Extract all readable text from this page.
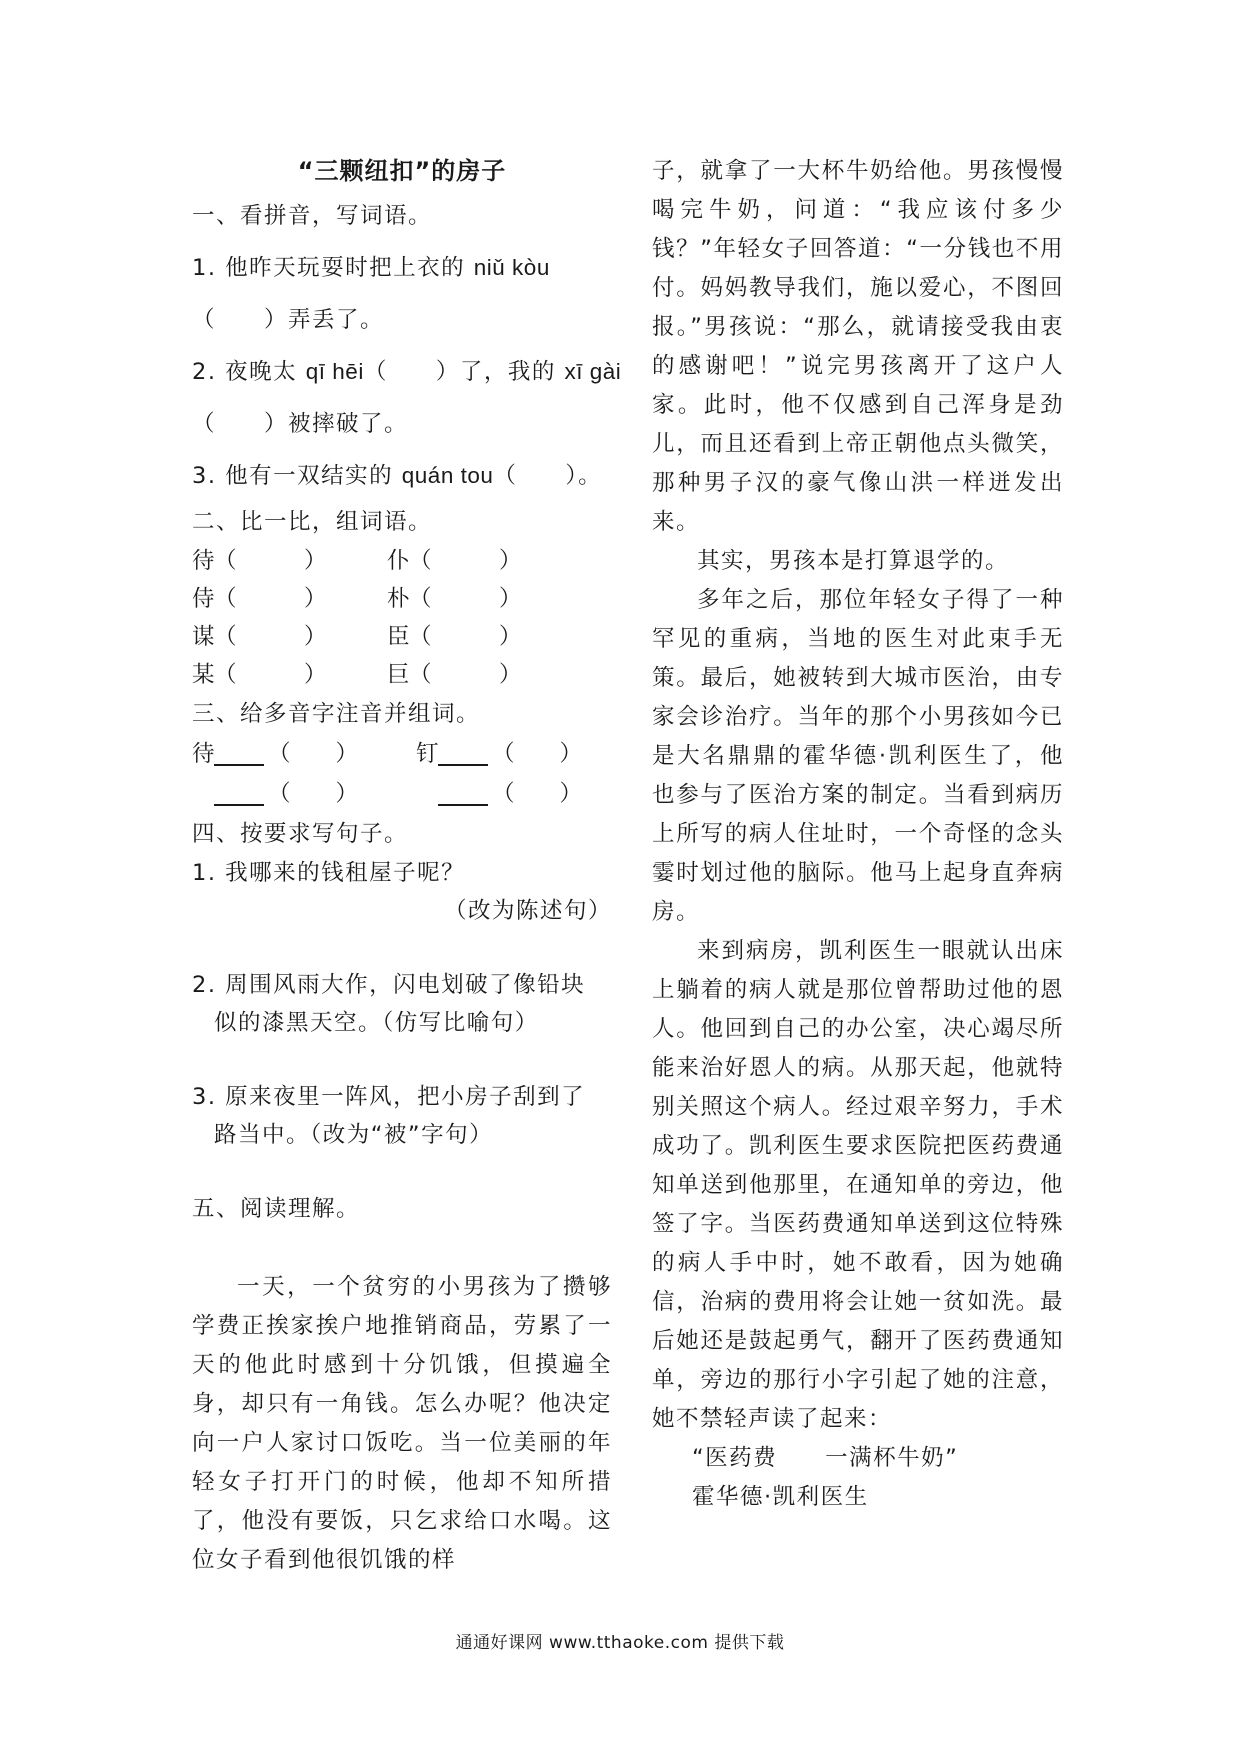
“三颗纽扣”的房子
一、看拼音，写词语。
1. 他昨天玩耍时把上衣的 niǔ kòu
（　　）弄丢了。
2. 夜晚太 qī hēi（　　）了，我的 xī gài
（　　）被摔破了。
3. 他有一双结实的 quán tou（　　）。
二、比一比，组词语。
待 （　　　）	仆 （　　　）
侍 （　　　）	朴 （　　　）
谋 （　　　）	臣 （　　　）
某 （　　　）	巨 （　　　）
三、给多音字注音并组词。
待 （　　）	钉 （　　）
（　　）	（　　）
四、按要求写句子。
1. 我哪来的钱租屋子呢？
（改为陈述句）
2. 周围风雨大作，闪电划破了像铅块
似的漆黑天空。（仿写比喻句）
3. 原来夜里一阵风，把小房子刮到了
路当中。（改为“被”字句）
五、阅读理解。

一天，一个贫穷的小男孩为了攒够学费正挨家挨户地推销商品，劳累了一天的他此时感到十分饥饿，但摸遍全身，却只有一角钱。怎么办呢？他决定向一户人家讨口饭吃。当一位美丽的年轻女子打开门的时候，他却不知所措了，他没有要饭，只乞求给口水喝。这位女子看到他很饥饿的样

子，就拿了一大杯牛奶给他。男孩慢慢喝完牛奶，问道：“我应该付多少钱？”年轻女子回答道：“一分钱也不用付。妈妈教导我们，施以爱心，不图回报。”男孩说：“那么，就请接受我由衷的感谢吧！”说完男孩离开了这户人家。此时，他不仅感到自己浑身是劲儿，而且还看到上帝正朝他点头微笑，那种男子汉的豪气像山洪一样迸发出来。

其实，男孩本是打算退学的。

多年之后，那位年轻女子得了一种罕见的重病，当地的医生对此束手无策。最后，她被转到大城市医治，由专家会诊治疗。当年的那个小男孩如今已是大名鼎鼎的霍华德·凯利医生了，他也参与了医治方案的制定。当看到病历上所写的病人住址时，一个奇怪的念头霎时划过他的脑际。他马上起身直奔病房。

来到病房，凯利医生一眼就认出床上躺着的病人就是那位曾帮助过他的恩人。他回到自己的办公室，决心竭尽所能来治好恩人的病。从那天起，他就特别关照这个病人。经过艰辛努力，手术成功了。凯利医生要求医院把医药费通知单送到他那里，在通知单的旁边，他签了字。当医药费通知单送到这位特殊的病人手中时，她不敢看，因为她确信，治病的费用将会让她一贫如洗。最后她还是鼓起勇气，翻开了医药费通知单，旁边的那行小字引起了她的注意，她不禁轻声读了起来：

“医药费　　一满杯牛奶”

霍华德·凯利医生

通通好课网 www.tthaoke.com 提供下载
